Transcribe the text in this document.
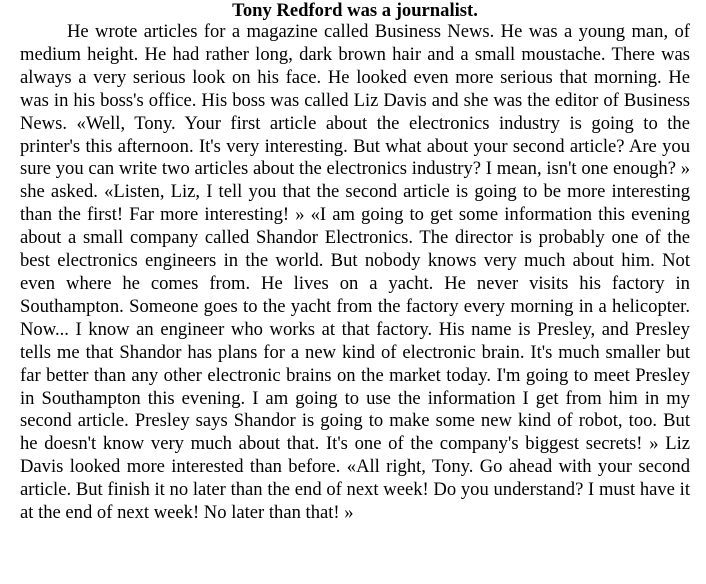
Tony Redford was a journalist.

He wrote articles for a magazine called Business News. He was a young man, of medium height. He had rather long, dark brown hair and a small moustache. There was always a very serious look on his face. He looked even more serious that morning. He was in his boss's office. His boss was called Liz Davis and she was the editor of Business News. «Well, Tony. Your first article about the electronics industry is going to the printer's this afternoon. It's very interesting. But what about your second article? Are you sure you can write two articles about the electronics industry? I mean, isn't one enough? » she asked. «Listen, Liz, I tell you that the second article is going to be more interesting than the first! Far more interesting! » «I am going to get some information this evening about a small company called Shandor Electronics. The director is probably one of the best electronics engineers in the world. But nobody knows very much about him. Not even where he comes from. He lives on a yacht. He never visits his factory in Southampton. Someone goes to the yacht from the factory every morning in a helicopter. Now... I know an engineer who works at that factory. His name is Presley, and Presley tells me that Shandor has plans for a new kind of electronic brain. It's much smaller but far better than any other electronic brains on the market today. I'm going to meet Presley in Southampton this evening. I am going to use the information I get from him in my second article. Presley says Shandor is going to make some new kind of robot, too. But he doesn't know very much about that. It's one of the company's biggest secrets! » Liz Davis looked more interested than before. «All right, Tony. Go ahead with your second article. But finish it no later than the end of next week! Do you understand? I must have it at the end of next week! No later than that! »
